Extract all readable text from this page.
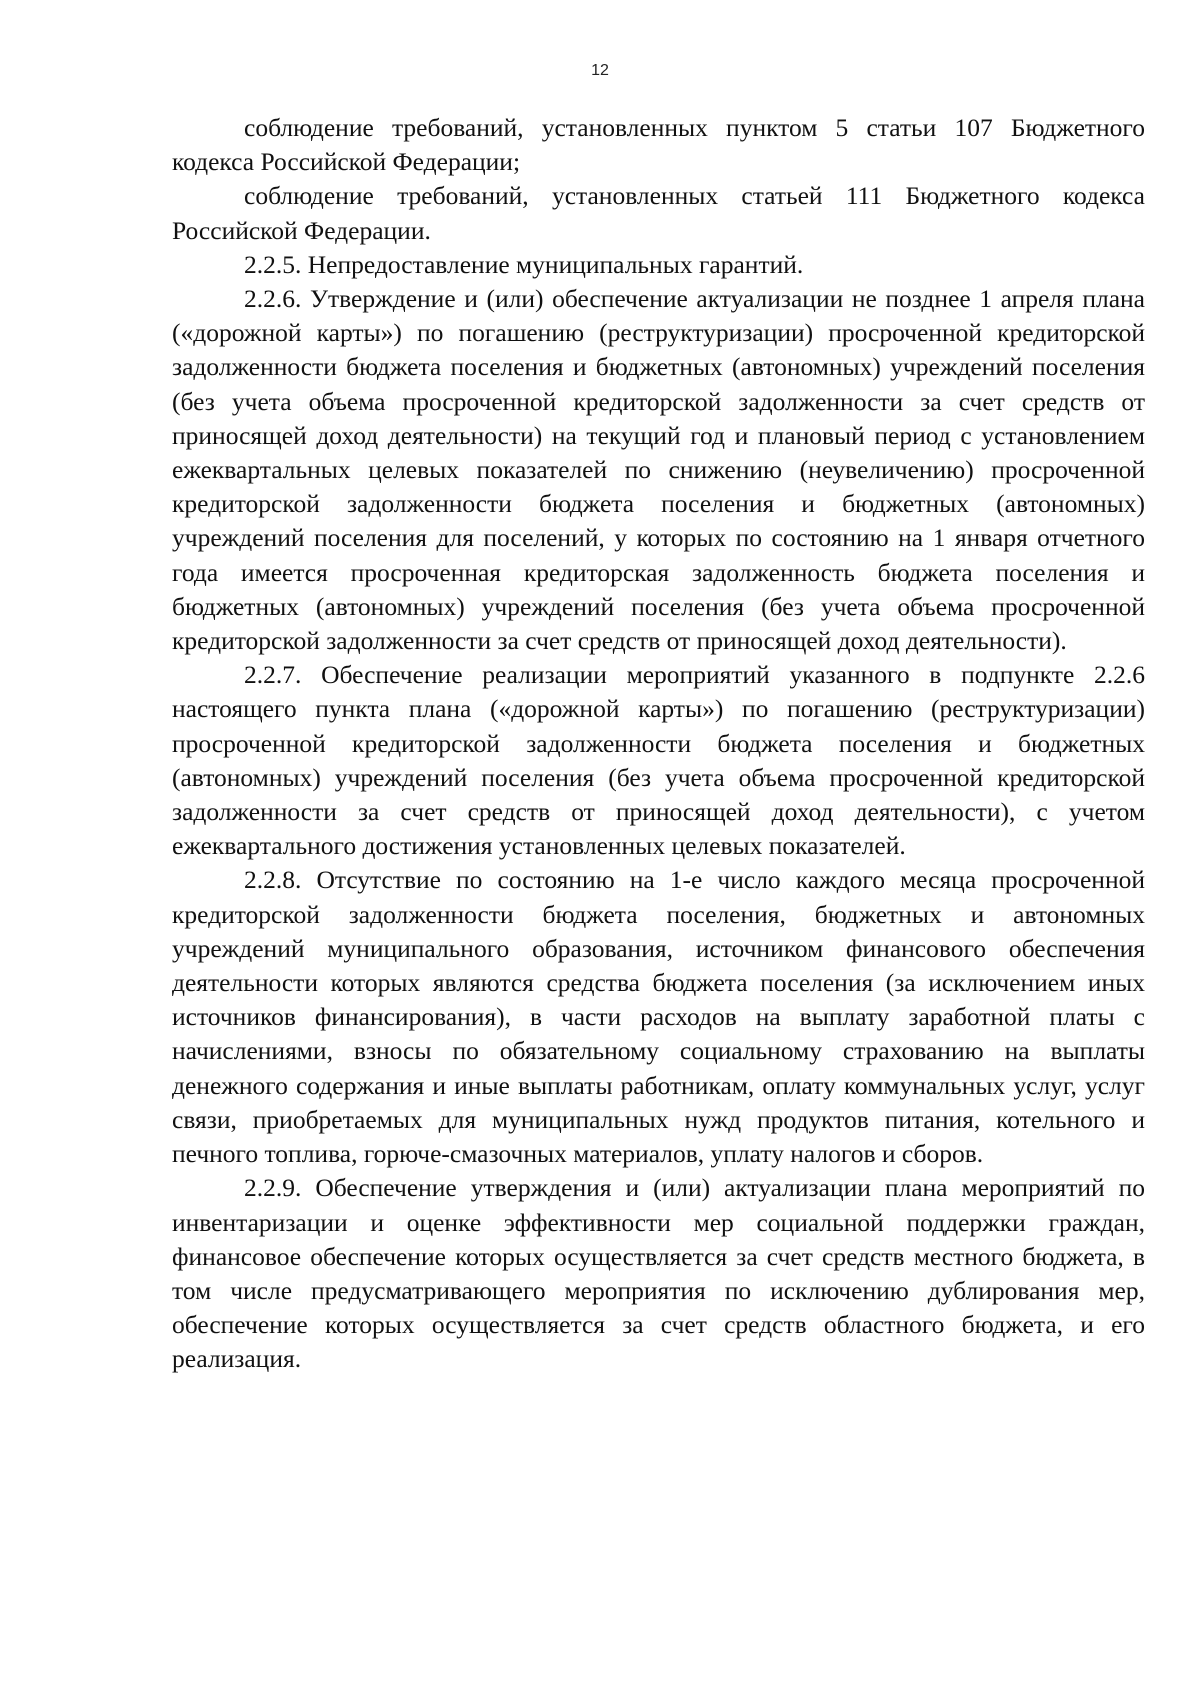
12

соблюдение требований, установленных пунктом 5 статьи 107 Бюджетного кодекса Российской Федерации;

соблюдение требований, установленных статьей 111 Бюджетного кодекса Российской Федерации.

2.2.5. Непредоставление муниципальных гарантий.

2.2.6. Утверждение и (или) обеспечение актуализации не позднее 1 апреля плана («дорожной карты») по погашению (реструктуризации) просроченной кредиторской задолженности бюджета поселения и бюджетных (автономных) учреждений поселения (без учета объема просроченной кредиторской задолженности за счет средств от приносящей доход деятельности) на текущий год и плановый период с установлением ежеквартальных целевых показателей по снижению (неувеличению) просроченной кредиторской задолженности бюджета поселения и бюджетных (автономных) учреждений поселения для поселений, у которых по состоянию на 1 января отчетного года имеется просроченная кредиторская задолженность бюджета поселения и бюджетных (автономных) учреждений поселения (без учета объема просроченной кредиторской задолженности за счет средств от приносящей доход деятельности).

2.2.7. Обеспечение реализации мероприятий указанного в подпункте 2.2.6 настоящего пункта плана («дорожной карты») по погашению (реструктуризации) просроченной кредиторской задолженности бюджета поселения и бюджетных (автономных) учреждений поселения (без учета объема просроченной кредиторской задолженности за счет средств от приносящей доход деятельности), с учетом ежеквартального достижения установленных целевых показателей.

2.2.8. Отсутствие по состоянию на 1-е число каждого месяца просроченной кредиторской задолженности бюджета поселения, бюджетных и автономных учреждений муниципального образования, источником финансового обеспечения деятельности которых являются средства бюджета поселения (за исключением иных источников финансирования), в части расходов на выплату заработной платы с начислениями, взносы по обязательному социальному страхованию на выплаты денежного содержания и иные выплаты работникам, оплату коммунальных услуг, услуг связи, приобретаемых для муниципальных нужд продуктов питания, котельного и печного топлива, горюче-смазочных материалов, уплату налогов и сборов.

2.2.9. Обеспечение утверждения и (или) актуализации плана мероприятий по инвентаризации и оценке эффективности мер социальной поддержки граждан, финансовое обеспечение которых осуществляется за счет средств местного бюджета, в том числе предусматривающего мероприятия по исключению дублирования мер, обеспечение которых осуществляется за счет средств областного бюджета, и его реализация.
